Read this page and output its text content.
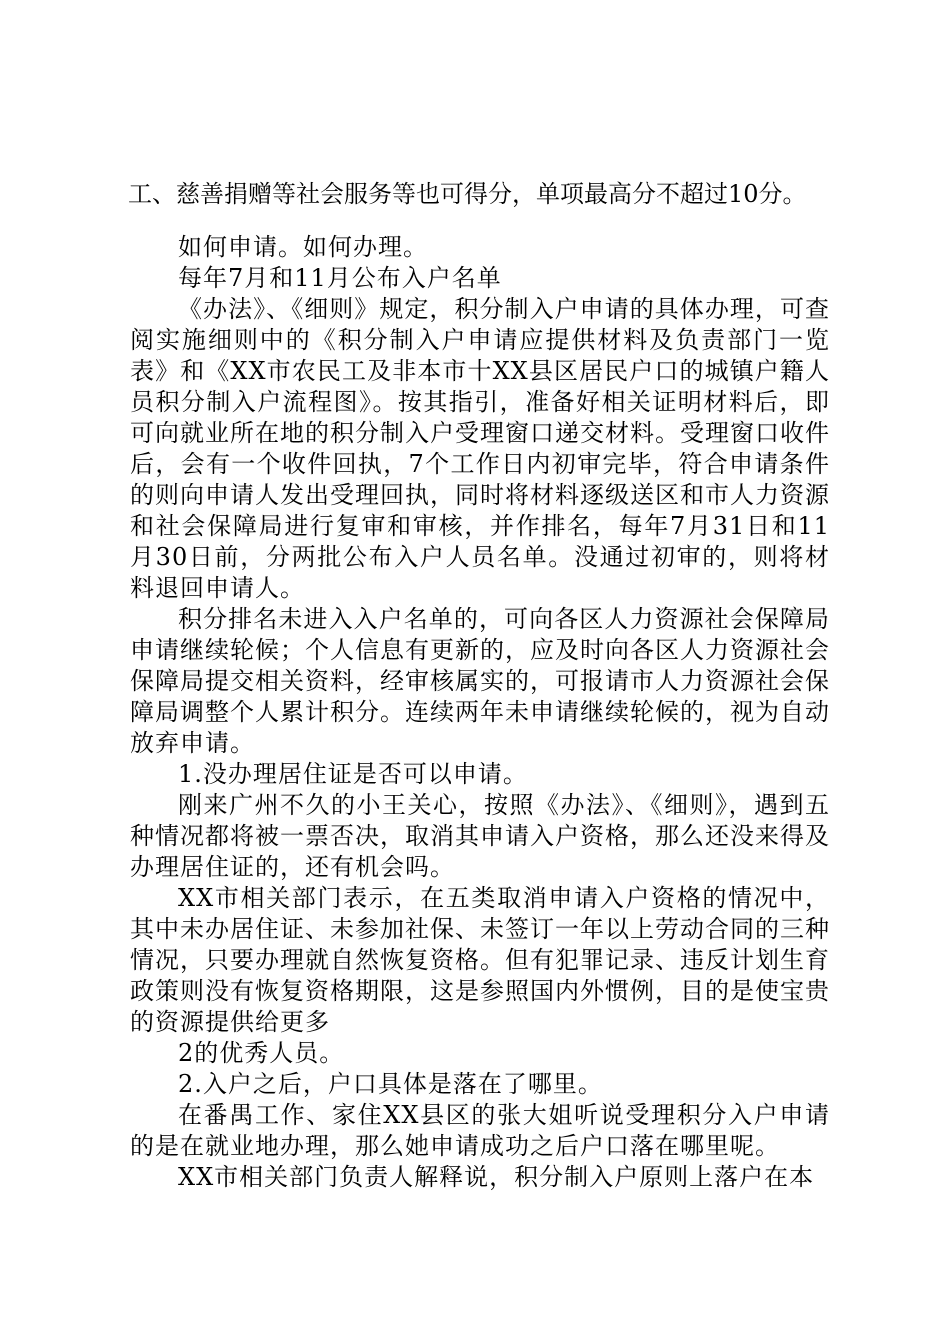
工、慈善捐赠等社会服务等也可得分，单项最高分不超过10分。

如何申请。如何办理。

每年7月和11月公布入户名单

《办法》、《细则》规定，积分制入户申请的具体办理，可查阅实施细则中的《积分制入户申请应提供材料及负责部门一览表》和《XX市农民工及非本市十XX县区居民户口的城镇户籍人员积分制入户流程图》。按其指引，准备好相关证明材料后，即可向就业所在地的积分制入户受理窗口递交材料。受理窗口收件后，会有一个收件回执，7个工作日内初审完毕，符合申请条件的则向申请人发出受理回执，同时将材料逐级送区和市人力资源和社会保障局进行复审和审核，并作排名，每年7月31日和11月30日前，分两批公布入户人员名单。没通过初审的，则将材料退回申请人。

积分排名未进入入户名单的，可向各区人力资源社会保障局申请继续轮候；个人信息有更新的，应及时向各区人力资源社会保障局提交相关资料，经审核属实的，可报请市人力资源社会保障局调整个人累计积分。连续两年未申请继续轮候的，视为自动放弃申请。

1.没办理居住证是否可以申请。

刚来广州不久的小王关心，按照《办法》、《细则》，遇到五种情况都将被一票否决，取消其申请入户资格，那么还没来得及办理居住证的，还有机会吗。

XX市相关部门表示，在五类取消申请入户资格的情况中，其中未办居住证、未参加社保、未签订一年以上劳动合同的三种情况，只要办理就自然恢复资格。但有犯罪记录、违反计划生育政策则没有恢复资格期限，这是参照国内外惯例，目的是使宝贵的资源提供给更多

2的优秀人员。

2.入户之后，户口具体是落在了哪里。

在番禺工作、家住XX县区的张大姐听说受理积分入户申请的是在就业地办理，那么她申请成功之后户口落在哪里呢。

XX市相关部门负责人解释说，积分制入户原则上落户在本
